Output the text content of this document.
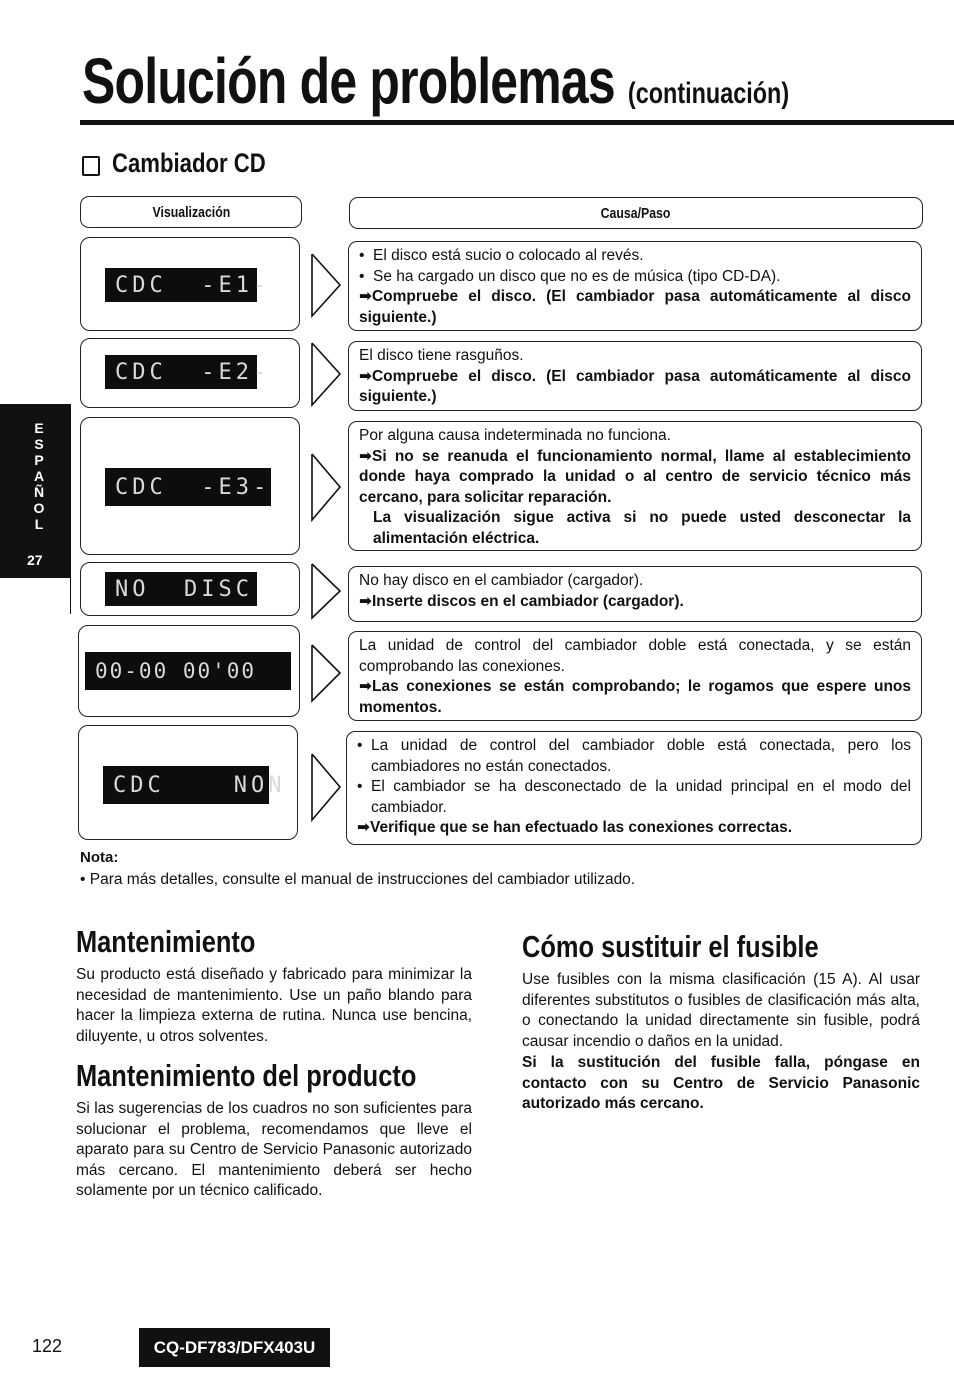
Solución de problemas (continuación)
Cambiador CD
Visualización	Causa/Paso
E
S
P
A
Ñ
O
L
27
CDC  -E1-
• El disco está sucio o colocado al revés.
• Se ha cargado un disco que no es de música (tipo CD-DA).
➡Compruebe el disco. (El cambiador pasa automáticamente al disco siguiente.)
CDC  -E2-
El disco tiene rasguños.
➡Compruebe el disco. (El cambiador pasa automáticamente al disco siguiente.)
CDC  -E3-
Por alguna causa indeterminada no funciona.
➡Si no se reanuda el funcionamiento normal, llame al establecimiento donde haya comprado la unidad o al centro de servicio técnico más cercano, para solicitar reparación.
La visualización sigue activa si no puede usted desconectar la alimentación eléctrica.
NO  DISC	No hay disco en el cambiador (cargador).
➡Inserte discos en el cambiador (cargador).
00-00 00'00
La unidad de control del cambiador doble está conectada, y se están comprobando las conexiones.
➡Las conexiones se están comprobando; le rogamos que espere unos momentos.
CDC    NON
• La unidad de control del cambiador doble está conectada, pero los cambiadores no están conectados.
• El cambiador se ha desconectado de la unidad principal en el modo del cambiador.
➡Verifique que se han efectuado las conexiones correctas.
Nota:
• Para más detalles, consulte el manual de instrucciones del cambiador utilizado.
Mantenimiento
Su producto está diseñado y fabricado para minimizar la necesidad de mantenimiento. Use un paño blando para hacer la limpieza externa de rutina. Nunca use bencina, diluyente, u otros solventes.
Mantenimiento del producto
Si las sugerencias de los cuadros no son suficientes para solucionar el problema, recomendamos que lleve el aparato para su Centro de Servicio Panasonic autorizado más cercano. El mantenimiento deberá ser hecho solamente por un técnico calificado.
Cómo sustituir el fusible
Use fusibles con la misma clasificación (15 A). Al usar diferentes substitutos o fusibles de clasificación más alta, o conectando la unidad directamente sin fusible, podrá causar incendio o daños en la unidad.
Si la sustitución del fusible falla, póngase en contacto con su Centro de Servicio Panasonic autorizado más cercano.
122	CQ-DF783/DFX403U
